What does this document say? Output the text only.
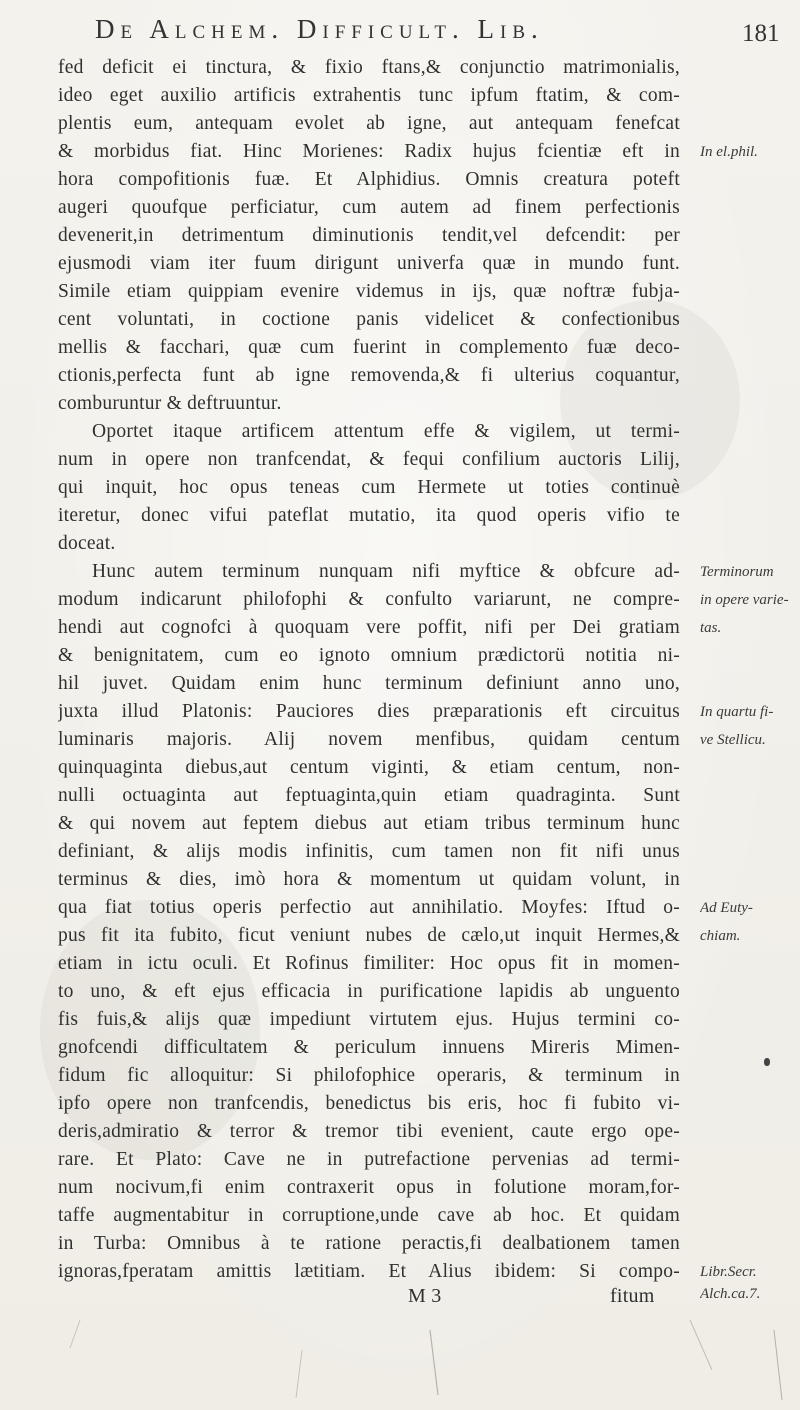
De Alchem. Difficult. Lib.	181
fed deficit ei tinctura, & fixio ftans,& conjunctio matrimonialis,
ideo eget auxilio artificis extrahentis tunc ipfum ftatim, & com-
plentis eum, antequam evolet ab igne, aut antequam fenefcat
& morbidus fiat. Hinc Morienes: Radix hujus fcientiæ eft in
hora compofitionis fuæ. Et Alphidius. Omnis creatura poteft
augeri quoufque perficiatur, cum autem ad finem perfectionis
devenerit,in detrimentum diminutionis tendit,vel defcendit: per
ejusmodi viam iter fuum dirigunt univerfa quæ in mundo funt.
Simile etiam quippiam evenire videmus in ijs, quæ noftræ fubja-
cent voluntati, in coctione panis videlicet & confectionibus
mellis & facchari, quæ cum fuerint in complemento fuæ deco-
ctionis,perfecta funt ab igne removenda,& fi ulterius coquantur,
comburuntur & deftruuntur.
Oportet itaque artificem attentum effe & vigilem, ut termi-
num in opere non tranfcendat, & fequi confilium auctoris Lilij,
qui inquit, hoc opus teneas cum Hermete ut toties continuè
iteretur, donec vifui pateflat mutatio, ita quod operis vifio te
doceat.
Hunc autem terminum nunquam nifi myftice & obfcure ad-
modum indicarunt philofophi & confulto variarunt, ne compre-
hendi aut cognofci à quoquam vere poffit, nifi per Dei gratiam
& benignitatem, cum eo ignoto omnium prædictorü notitia ni-
hil juvet. Quidam enim hunc terminum definiunt anno uno,
juxta illud Platonis: Pauciores dies præparationis eft circuitus
luminaris majoris. Alij novem menfibus, quidam centum
quinquaginta diebus,aut centum viginti, & etiam centum, non-
nulli octuaginta aut feptuaginta,quin etiam quadraginta. Sunt
& qui novem aut feptem diebus aut etiam tribus terminum hunc
definiant, & alijs modis infinitis, cum tamen non fit nifi unus
terminus & dies, imò hora & momentum ut quidam volunt, in
qua fiat totius operis perfectio aut annihilatio. Moyfes: Iftud o-
pus fit ita fubito, ficut veniunt nubes de cælo,ut inquit Hermes,&
etiam in ictu oculi. Et Rofinus fimiliter: Hoc opus fit in momen-
to uno, & eft ejus efficacia in purificatione lapidis ab unguento
fis fuis,& alijs quæ impediunt virtutem ejus. Hujus termini co-
gnofcendi difficultatem & periculum innuens Mireris Mimen-
fidum fic alloquitur: Si philofophice operaris, & terminum in
ipfo opere non tranfcendis, benedictus bis eris, hoc fi fubito vi-
deris,admiratio & terror & tremor tibi evenient, caute ergo ope-
rare. Et Plato: Cave ne in putrefactione pervenias ad termi-
num nocivum,fi enim contraxerit opus in folutione moram,for-
taffe augmentabitur in corruptione,unde cave ab hoc. Et quidam
in Turba: Omnibus à te ratione peractis,fi dealbationem tamen
ignoras,fperatam amittis lætitiam. Et Alius ibidem: Si compo-
M 3	fitum
In el.phil.
Terminorum
in opere varie-
tas.
In quartu fi-
ve Stellicu.
Ad Euty-
chiam.
Libr.Secr.
Alch.ca.7.
